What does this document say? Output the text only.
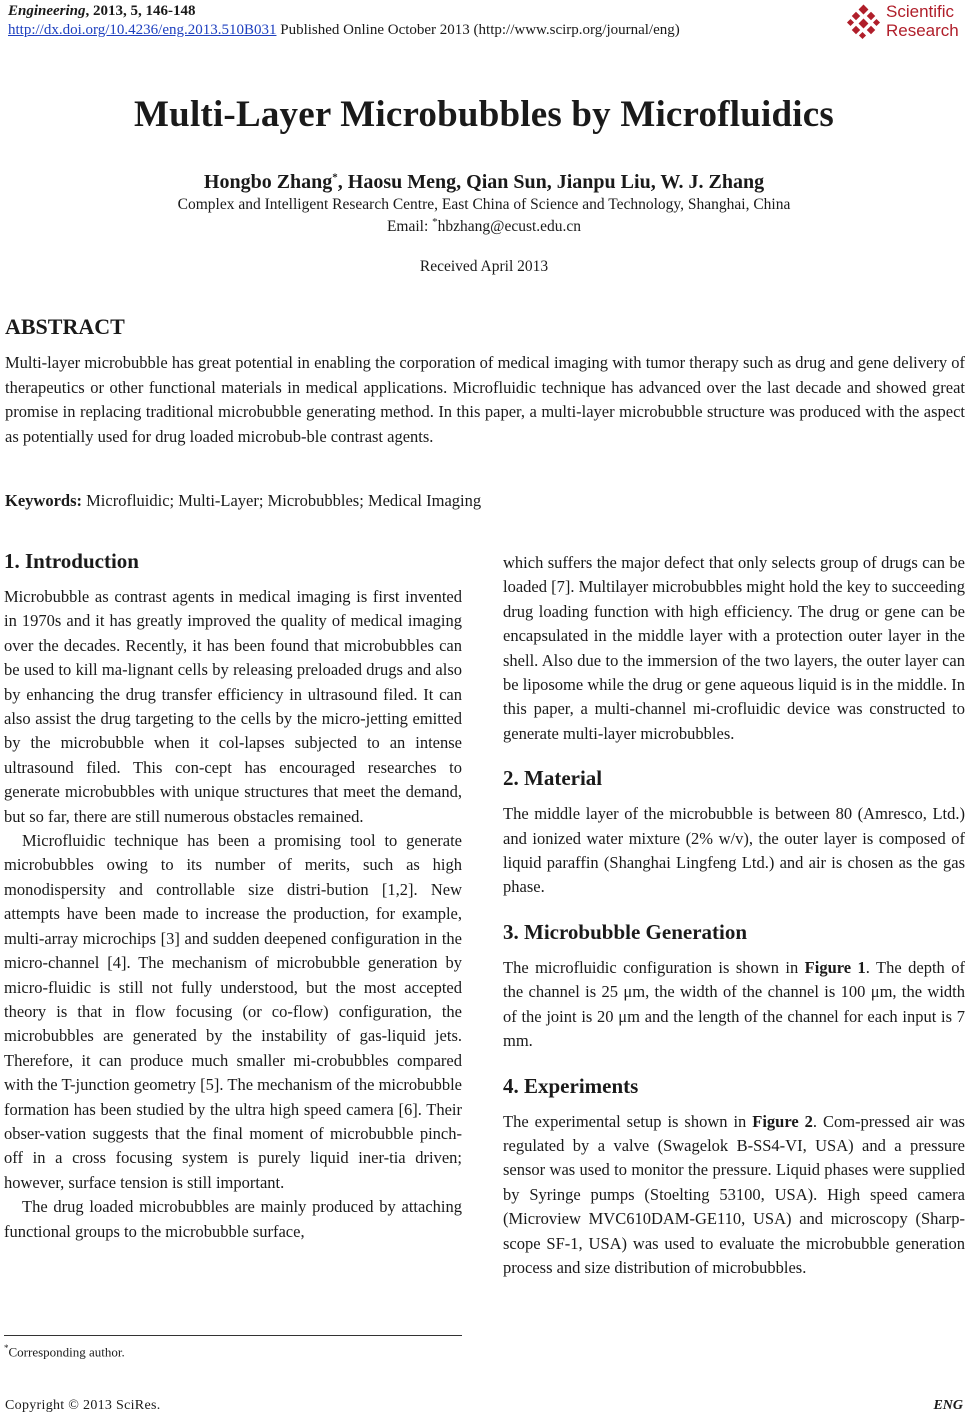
Engineering, 2013, 5, 146-148
http://dx.doi.org/10.4236/eng.2013.510B031 Published Online October 2013 (http://www.scirp.org/journal/eng)
Scientific
Research
Multi-Layer Microbubbles by Microfluidics
Hongbo Zhang*, Haosu Meng, Qian Sun, Jianpu Liu, W. J. Zhang
Complex and Intelligent Research Centre, East China of Science and Technology, Shanghai, China
Email: *hbzhang@ecust.edu.cn
Received April 2013
ABSTRACT
Multi-layer microbubble has great potential in enabling the corporation of medical imaging with tumor therapy such as drug and gene delivery of therapeutics or other functional materials in medical applications. Microfluidic technique has advanced over the last decade and showed great promise in replacing traditional microbubble generating method. In this paper, a multi-layer microbubble structure was produced with the aspect as potentially used for drug loaded microbub-ble contrast agents.
Keywords: Microfluidic; Multi-Layer; Microbubbles; Medical Imaging
1. Introduction

Microbubble as contrast agents in medical imaging is first invented in 1970s and it has greatly improved the quality of medical imaging over the decades. Recently, it has been found that microbubbles can be used to kill ma-lignant cells by releasing preloaded drugs and also by enhancing the drug transfer efficiency in ultrasound filed. It can also assist the drug targeting to the cells by the micro-jetting emitted by the microbubble when it col-lapses subjected to an intense ultrasound filed. This con-cept has encouraged researches to generate microbubbles with unique structures that meet the demand, but so far, there are still numerous obstacles remained.

Microfluidic technique has been a promising tool to generate microbubbles owing to its number of merits, such as high monodispersity and controllable size distri-bution [1,2]. New attempts have been made to increase the production, for example, multi-array microchips [3] and sudden deepened configuration in the micro-channel [4]. The mechanism of microbubble generation by micro-fluidic is still not fully understood, but the most accepted theory is that in flow focusing (or co-flow) configuration, the microbubbles are generated by the instability of gas-liquid jets. Therefore, it can produce much smaller mi-crobubbles compared with the T-junction geometry [5]. The mechanism of the microbubble formation has been studied by the ultra high speed camera [6]. Their obser-vation suggests that the final moment of microbubble pinch-off in a cross focusing system is purely liquid iner-tia driven; however, surface tension is still important.

The drug loaded microbubbles are mainly produced by attaching functional groups to the microbubble surface,

which suffers the major defect that only selects group of drugs can be loaded [7]. Multilayer microbubbles might hold the key to succeeding drug loading function with high efficiency. The drug or gene can be encapsulated in the middle layer with a protection outer layer in the shell. Also due to the immersion of the two layers, the outer layer can be liposome while the drug or gene aqueous liquid is in the middle. In this paper, a multi-channel mi-crofluidic device was constructed to generate multi-layer microbubbles.

2. Material

The middle layer of the microbubble is between 80 (Amresco, Ltd.) and ionized water mixture (2% w/v), the outer layer is composed of liquid paraffin (Shanghai Lingfeng Ltd.) and air is chosen as the gas phase.

3. Microbubble Generation

The microfluidic configuration is shown in Figure 1. The depth of the channel is 25 μm, the width of the channel is 100 μm, the width of the joint is 20 μm and the length of the channel for each input is 7 mm.

4. Experiments

The experimental setup is shown in Figure 2. Com-pressed air was regulated by a valve (Swagelok B-SS4-VI, USA) and a pressure sensor was used to monitor the pressure. Liquid phases were supplied by Syringe pumps (Stoelting 53100, USA). High speed camera (Microview MVC610DAM-GE110, USA) and microscopy (Sharp-scope SF-1, USA) was used to evaluate the microbubble generation process and size distribution of microbubbles.

*Corresponding author.
Copyright © 2013 SciRes.	ENG
